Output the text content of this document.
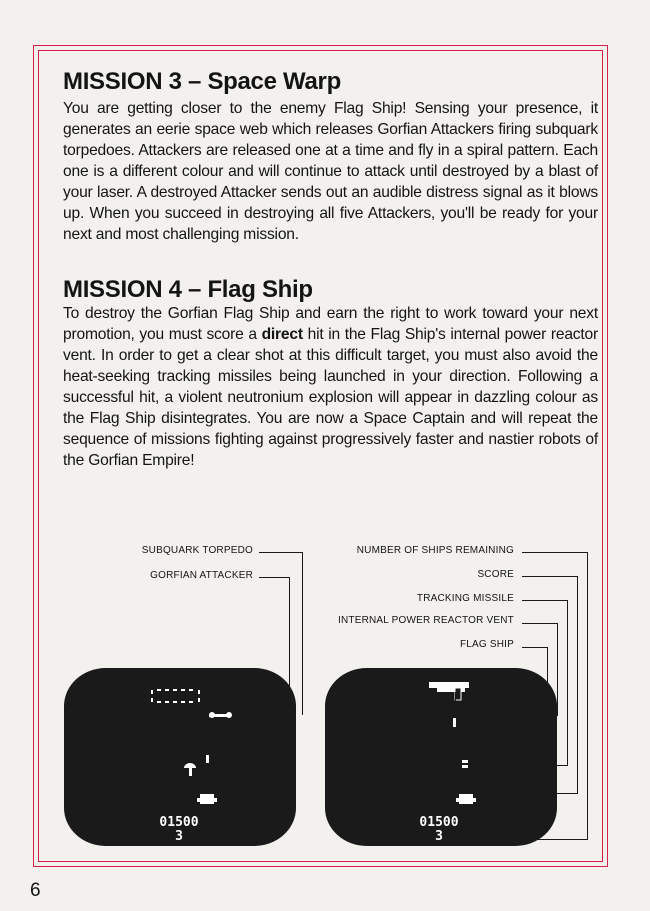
MISSION 3 – Space Warp

You are getting closer to the enemy Flag Ship! Sensing your presence, it generates an eerie space web which releases Gorfian Attackers firing subquark torpedoes. Attackers are released one at a time and fly in a spiral pattern. Each one is a different colour and will continue to attack until destroyed by a blast of your laser. A destroyed Attacker sends out an audible distress signal as it blows up. When you succeed in destroying all five Attackers, you'll be ready for your next and most challenging mission.

MISSION 4 – Flag Ship

To destroy the Gorfian Flag Ship and earn the right to work toward your next promotion, you must score a direct hit in the Flag Ship's internal power reactor vent. In order to get a clear shot at this difficult target, you must also avoid the heat-seeking tracking missiles being launched in your direction. Following a successful hit, a violent neutronium explosion will appear in dazzling colour as the Flag Ship disintegrates. You are now a Space Captain and will repeat the sequence of missions fighting against progressively faster and nastier robots of the Gorfian Empire!

SUBQUARK TORPEDO
GORFIAN ATTACKER
01500
3
NUMBER OF SHIPS REMAINING
SCORE
TRACKING MISSILE
INTERNAL POWER REACTOR VENT
FLAG SHIP
01500
3
6
